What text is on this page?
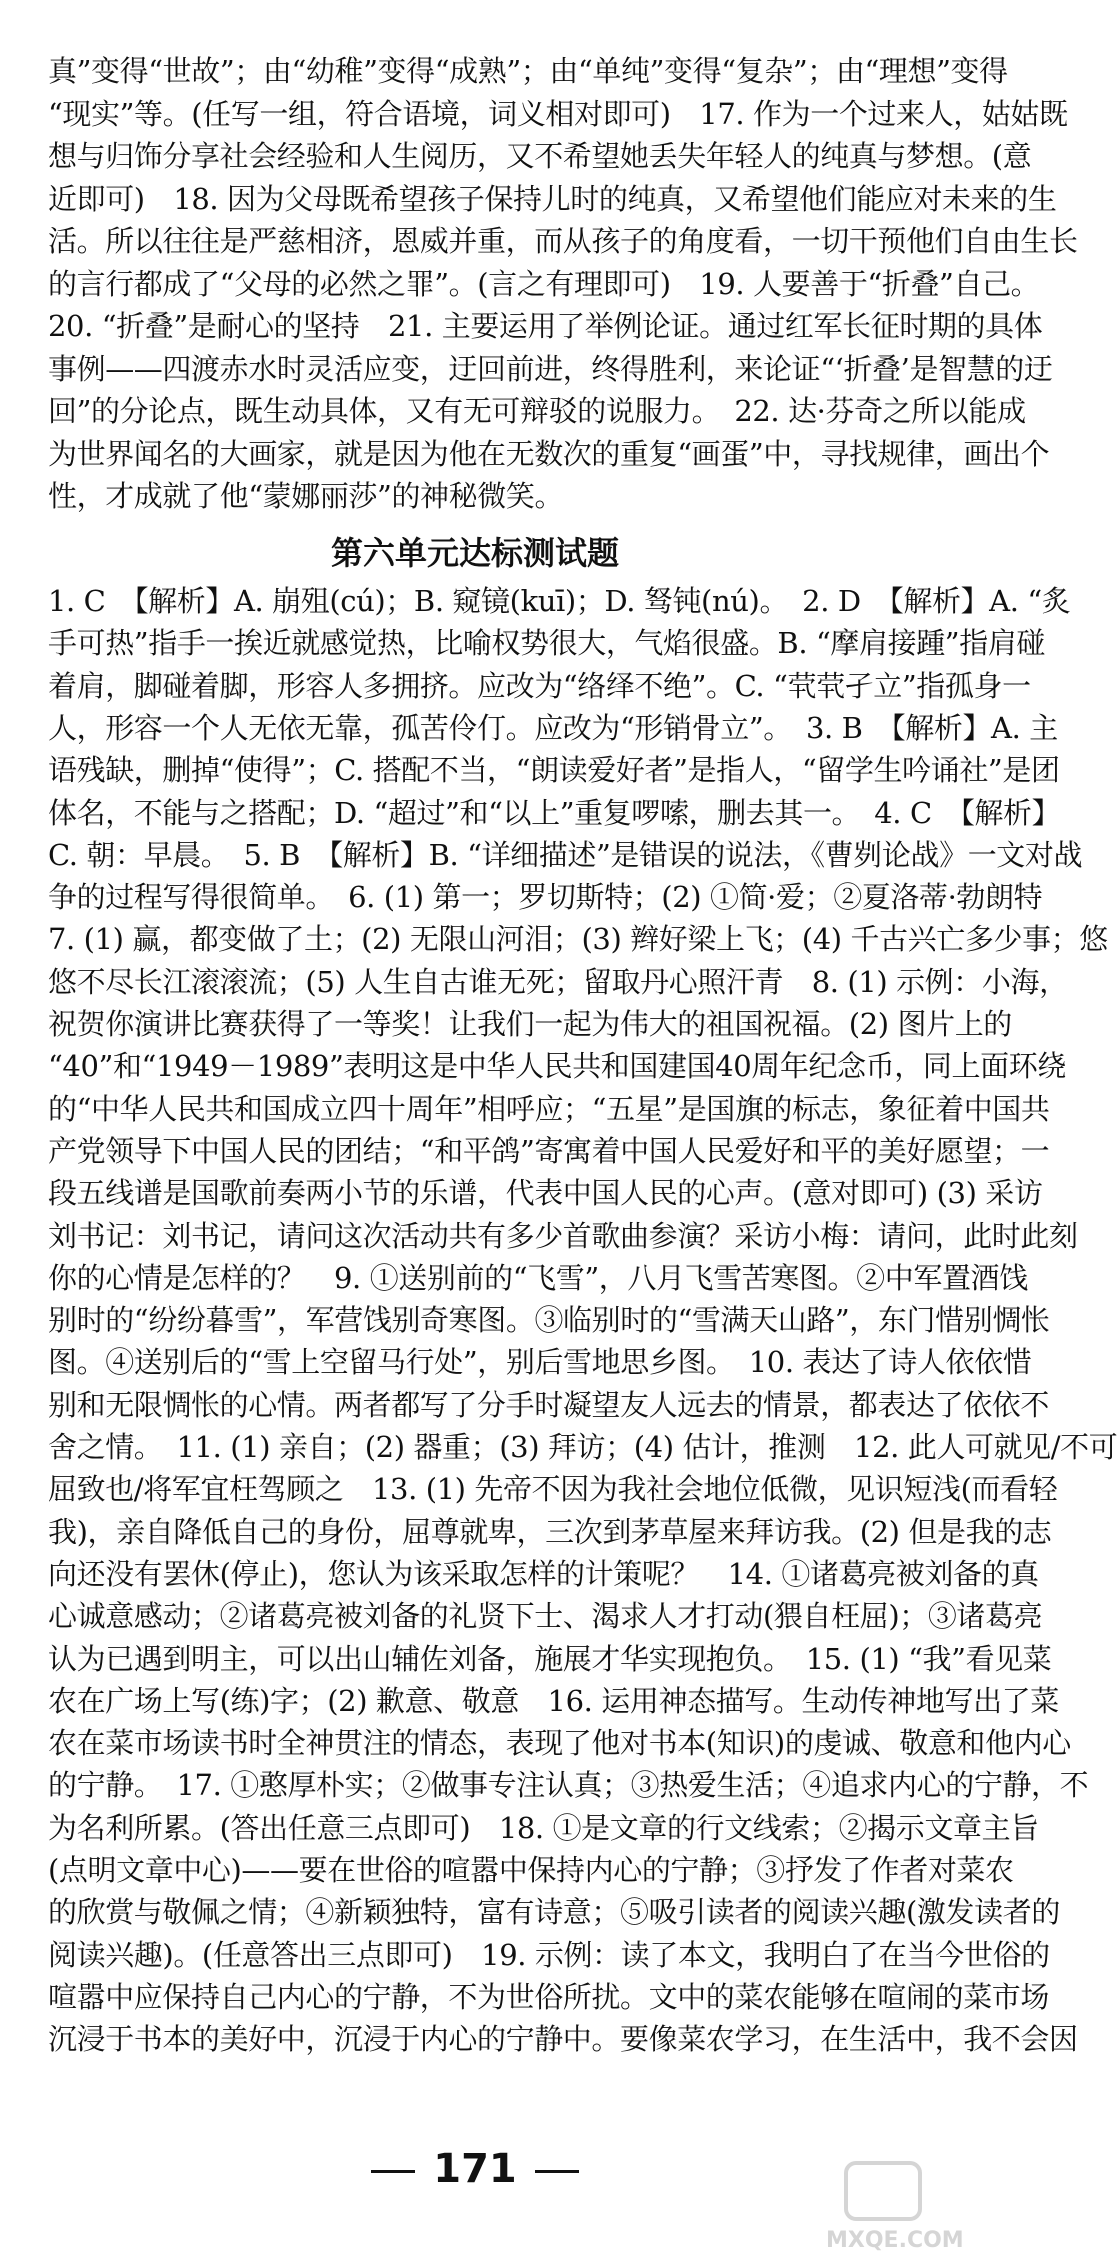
真”变得“世故”；由“幼稚”变得“成熟”；由“单纯”变得“复杂”；由“理想”变得
“现实”等。(任写一组，符合语境，词义相对即可)　17. 作为一个过来人，姑姑既
想与归饰分享社会经验和人生阅历，又不希望她丢失年轻人的纯真与梦想。(意
近即可)　18. 因为父母既希望孩子保持儿时的纯真，又希望他们能应对未来的生
活。所以往往是严慈相济，恩威并重，而从孩子的角度看，一切干预他们自由生长
的言行都成了“父母的必然之罪”。(言之有理即可)　19. 人要善于“折叠”自己。
20. “折叠”是耐心的坚持　21. 主要运用了举例论证。通过红军长征时期的具体
事例——四渡赤水时灵活应变，迂回前进，终得胜利，来论证“‘折叠’是智慧的迂
回”的分论点，既生动具体，又有无可辩驳的说服力。　22. 达·芬奇之所以能成
为世界闻名的大画家，就是因为他在无数次的重复“画蛋”中，寻找规律，画出个
性，才成就了他“蒙娜丽莎”的神秘微笑。
第六单元达标测试题
1. C　【解析】A. 崩殂(cú)；B. 窥镜(kuī)；D. 驽钝(nú)。　2. D　【解析】A. “炙
手可热”指手一挨近就感觉热，比喻权势很大，气焰很盛。B. “摩肩接踵”指肩碰
着肩，脚碰着脚，形容人多拥挤。应改为“络绎不绝”。C. “茕茕孑立”指孤身一
人，形容一个人无依无靠，孤苦伶仃。应改为“形销骨立”。　3. B　【解析】A. 主
语残缺，删掉“使得”；C. 搭配不当，“朗读爱好者”是指人，“留学生吟诵社”是团
体名，不能与之搭配；D. “超过”和“以上”重复啰嗦，删去其一。　4. C　【解析】
C. 朝：早晨。　5. B　【解析】B. “详细描述”是错误的说法，《曹刿论战》一文对战
争的过程写得很简单。　6. (1) 第一；罗切斯特；(2) ①简·爱；②夏洛蒂·勃朗特
7. (1) 赢，都变做了土；(2) 无限山河泪；(3) 辫好梁上飞；(4) 千古兴亡多少事；悠
悠不尽长江滚滚流；(5) 人生自古谁无死；留取丹心照汗青　8. (1) 示例：小海，
祝贺你演讲比赛获得了一等奖！让我们一起为伟大的祖国祝福。(2) 图片上的
“40”和“1949－1989”表明这是中华人民共和国建国40周年纪念币，同上面环绕
的“中华人民共和国成立四十周年”相呼应；“五星”是国旗的标志，象征着中国共
产党领导下中国人民的团结；“和平鸽”寄寓着中国人民爱好和平的美好愿望；一
段五线谱是国歌前奏两小节的乐谱，代表中国人民的心声。(意对即可) (3) 采访
刘书记：刘书记，请问这次活动共有多少首歌曲参演？采访小梅：请问，此时此刻
你的心情是怎样的？　9. ①送别前的“飞雪”，八月飞雪苦寒图。②中军置酒饯
别时的“纷纷暮雪”，军营饯别奇寒图。③临别时的“雪满天山路”，东门惜别惆怅
图。④送别后的“雪上空留马行处”，别后雪地思乡图。　10. 表达了诗人依依惜
别和无限惆怅的心情。两者都写了分手时凝望友人远去的情景，都表达了依依不
舍之情。　11. (1) 亲自；(2) 器重；(3) 拜访；(4) 估计，推测　12. 此人可就见/不可
屈致也/将军宜枉驾顾之　13. (1) 先帝不因为我社会地位低微，见识短浅(而看轻
我)，亲自降低自己的身份，屈尊就卑，三次到茅草屋来拜访我。(2) 但是我的志
向还没有罢休(停止)，您认为该采取怎样的计策呢？　14. ①诸葛亮被刘备的真
心诚意感动；②诸葛亮被刘备的礼贤下士、渴求人才打动(猥自枉屈)；③诸葛亮
认为已遇到明主，可以出山辅佐刘备，施展才华实现抱负。　15. (1) “我”看见菜
农在广场上写(练)字；(2) 歉意、敬意　16. 运用神态描写。生动传神地写出了菜
农在菜市场读书时全神贯注的情态，表现了他对书本(知识)的虔诚、敬意和他内心
的宁静。　17. ①憨厚朴实；②做事专注认真；③热爱生活；④追求内心的宁静，不
为名利所累。(答出任意三点即可)　18. ①是文章的行文线索；②揭示文章主旨
(点明文章中心)——要在世俗的喧嚣中保持内心的宁静；③抒发了作者对菜农
的欣赏与敬佩之情；④新颖独特，富有诗意；⑤吸引读者的阅读兴趣(激发读者的
阅读兴趣)。(任意答出三点即可)　19. 示例：读了本文，我明白了在当今世俗的
喧嚣中应保持自己内心的宁静，不为世俗所扰。文中的菜农能够在喧闹的菜市场
沉浸于书本的美好中，沉浸于内心的宁静中。要像菜农学习，在生活中，我不会因
171
MXQE.COM
